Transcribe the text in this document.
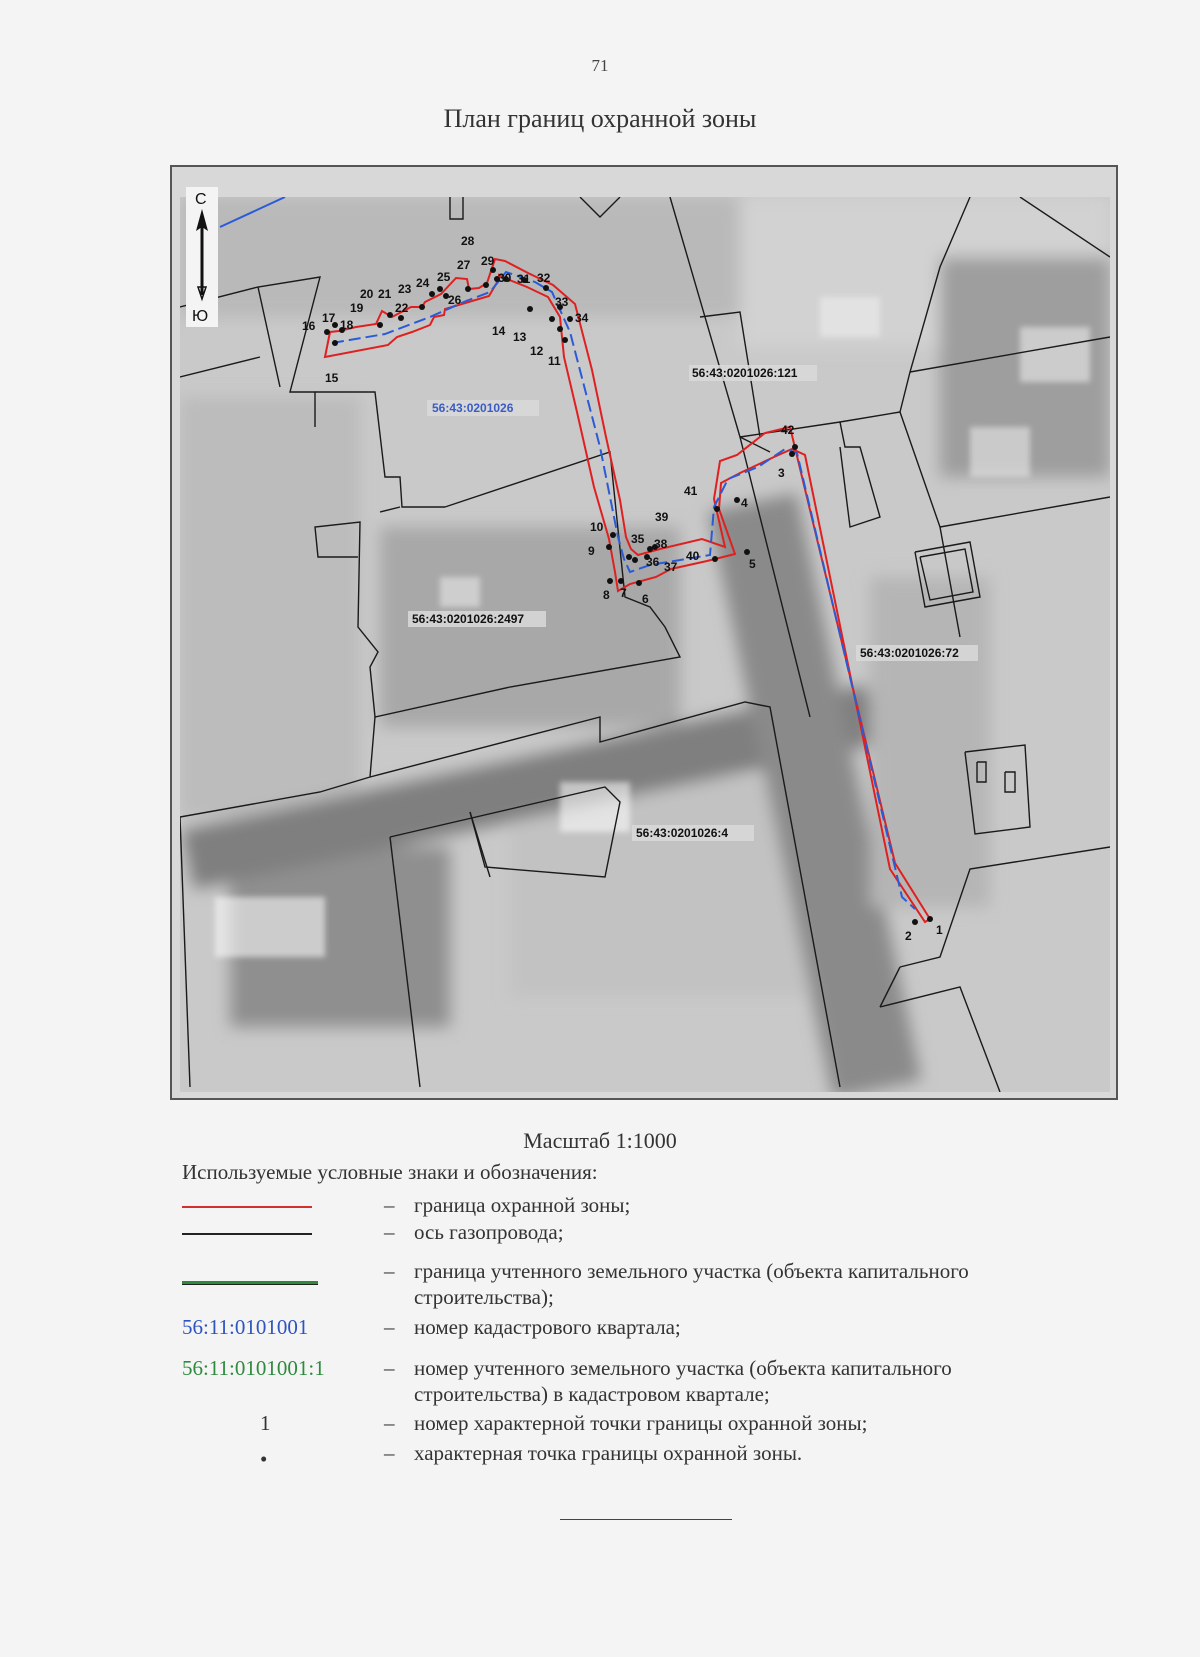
71
План границ охранной зоны
1
2
3
4
5
6
7
8
9
10
11
12
13
14
15
16
17 18
19
20 21
22
23 24 25
26
27
28
29
30 31 32
33
34
35
36 37
38
39
40
41
42
56:43:0201026
56:43:0201026:121
56:43:0201026:2497
56:43:0201026:72
56:43:0201026:4
С
Ю
Масштаб 1:1000
Используемые условные знаки и обозначения:
– граница охранной зоны;
– ось газопровода;
– граница учтенного земельного участка (объекта капитального строительства);
56:11:0101001	– номер кадастрового квартала;
56:11:0101001:1	– номер учтенного земельного участка (объекта капитального строительства) в кадастровом квартале;
1	– номер характерной точки границы охранной зоны;
•	– характерная точка границы охранной зоны.
